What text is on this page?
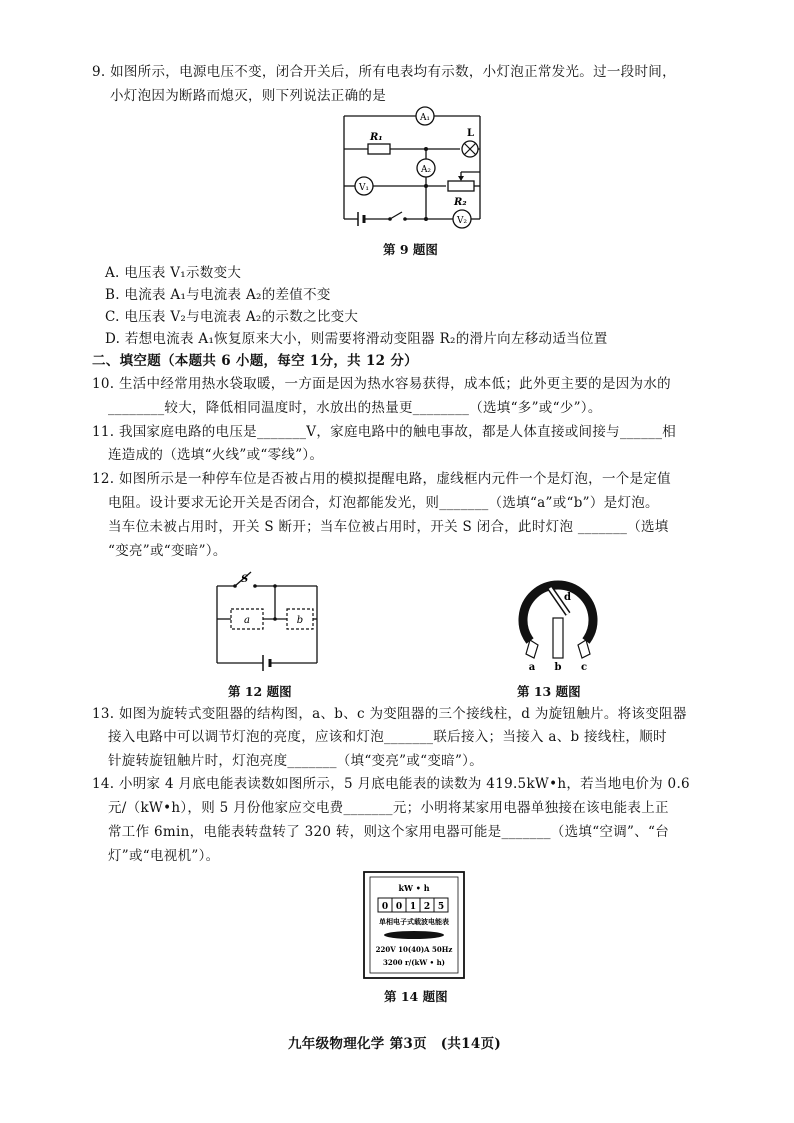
9. 如图所示，电源电压不变，闭合开关后，所有电表均有示数，小灯泡正常发光。过一段时间，
小灯泡因为断路而熄灭，则下列说法正确的是
A₁
A₂
V₁
V₂
L
R₁
R₂
第 9 题图
A. 电压表 V₁示数变大
B. 电流表 A₁与电流表 A₂的差值不变
C. 电压表 V₂与电流表 A₂的示数之比变大
D. 若想电流表 A₁恢复原来大小，则需要将滑动变阻器 R₂的滑片向左移动适当位置
二、填空题（本题共 6 小题，每空 1分，共 12 分）
10. 生活中经常用热水袋取暖，一方面是因为热水容易获得，成本低；此外更主要的是因为水的
________较大，降低相同温度时，水放出的热量更________（选填“多”或“少”）。
11. 我国家庭电路的电压是_______V，家庭电路中的触电事故，都是人体直接或间接与______相
连造成的（选填“火线”或“零线”）。
12. 如图所示是一种停车位是否被占用的模拟提醒电路，虚线框内元件一个是灯泡，一个是定值
电阻。设计要求无论开关是否闭合，灯泡都能发光，则_______（选填“a”或“b”）是灯泡。
当车位未被占用时，开关 S 断开；当车位被占用时，开关 S 闭合，此时灯泡 _______（选填
“变亮”或“变暗”）。
S
a	b
第 12 题图
d
a b c
第 13 题图
13. 如图为旋转式变阻器的结构图，a、b、c 为变阻器的三个接线柱，d 为旋钮触片。将该变阻器
接入电路中可以调节灯泡的亮度，应该和灯泡_______联后接入；当接入 a、b 接线柱，顺时
针旋转旋钮触片时，灯泡亮度_______（填“变亮”或“变暗”）。
14. 小明家 4 月底电能表读数如图所示，5 月底电能表的读数为 419.5kW•h，若当地电价为 0.6
元/（kW•h），则 5 月份他家应交电费_______元；小明将某家用电器单独接在该电能表上正
常工作 6min，电能表转盘转了 320 转，则这个家用电器可能是_______（选填“空调”、“台
灯”或“电视机”）。
kW • h
0 0 1 2 5
单相电子式载波电能表
220V 10(40)A 50Hz
3200 r/(kW • h)
第 14 题图
九年级物理化学 第3页　(共14页)
